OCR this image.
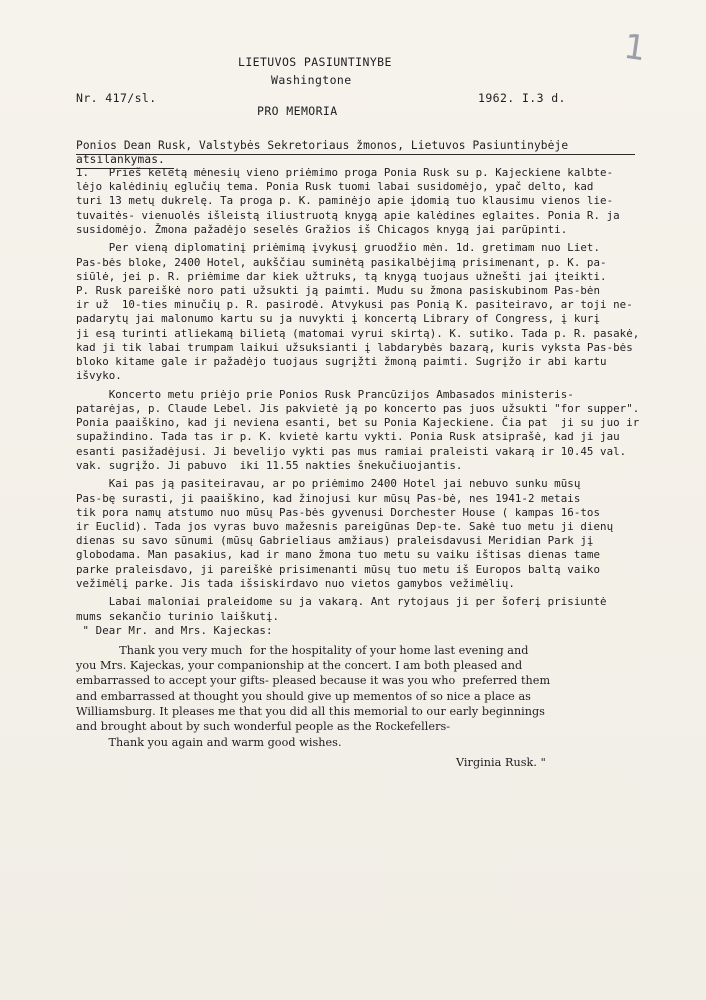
1
LIETUVOS PASIUNTINYBE
Washingtone
Nr. 417/sl.
PRO MEMORIA
1962. I.3 d.
Ponios Dean Rusk, Valstybės Sekretoriaus žmonos, Lietuvos Pasiuntinybėje
atsilankymas.
1.   Prieš keletą mėnesių vieno priėmimo proga Ponia Rusk su p. Kajeckiene kalbte-
lėjo kalėdinių eglučių tema. Ponia Rusk tuomi labai susidomėjo, ypač delto, kad
turi 13 metų dukrelę. Ta proga p. K. paminėjo apie įdomią tuo klausimu vienos lie-
tuvaitės- vienuolės išleistą iliustruotą knygą apie kalėdines eglaites. Ponia R. ja
susidomėjo. Žmona pažadėjo seselės Gražios iš Chicagos knygą jai parūpinti.
Per vieną diplomatinį priėmimą įvykusį gruodžio mėn. 1d. gretimam nuo Liet.
Pas-bės bloke, 2400 Hotel, aukščiau suminėtą pasikalbėjimą prisimenant, p. K. pa-
siūlė, jei p. R. priėmime dar kiek užtruks, tą knygą tuojaus užnešti jai įteikti.
P. Rusk pareiškė noro pati užsukti ją paimti. Mudu su žmona pasiskubinom Pas-bėn
ir už  10-ties minučių p. R. pasirodė. Atvykusi pas Ponią K. pasiteiravo, ar toji ne-
padarytų jai malonumo kartu su ja nuvykti į koncertą Library of Congress, į kurį
ji esą turinti atliekamą bilietą (matomai vyrui skirtą). K. sutiko. Tada p. R. pasakė,
kad ji tik labai trumpam laikui užsuksianti į labdarybės bazarą, kuris vyksta Pas-bės
bloko kitame gale ir pažadėjo tuojaus sugrįžti žmoną paimti. Sugrįžo ir abi kartu
išvyko.
Koncerto metu priėjo prie Ponios Rusk Prancūzijos Ambasados ministeris-
patarėjas, p. Claude Lebel. Jis pakvietė ją po koncerto pas juos užsukti "for supper".
Ponia paaiškino, kad ji neviena esanti, bet su Ponia Kajeckiene. Čia pat  ji su juo ir
supažindino. Tada tas ir p. K. kvietė kartu vykti. Ponia Rusk atsiprašė, kad ji jau
esanti pasižadėjusi. Ji bevelijo vykti pas mus ramiai praleisti vakarą ir 10.45 val.
vak. sugrįžo. Ji pabuvo  iki 11.55 nakties šnekučiuojantis.
Kai pas ją pasiteiravau, ar po priėmimo 2400 Hotel jai nebuvo sunku mūsų
Pas-bę surasti, ji paaiškino, kad žinojusi kur mūsų Pas-bė, nes 1941-2 metais
tik pora namų atstumo nuo mūsų Pas-bės gyvenusi Dorchester House ( kampas 16-tos
ir Euclid). Tada jos vyras buvo mažesnis pareigūnas Dep-te. Sakė tuo metu ji dienų
dienas su savo sūnumi (mūsų Gabrieliaus amžiaus) praleisdavusi Meridian Park jį
globodama. Man pasakius, kad ir mano žmona tuo metu su vaiku ištisas dienas tame
parke praleisdavo, ji pareiškė prisimenanti mūsų tuo metu iš Europos baltą vaiko
vežimėlį parke. Jis tada išsiskirdavo nuo vietos gamybos vežimėlių.
Labai maloniai praleidome su ja vakarą. Ant rytojaus ji per šoferį prisiuntė
mums sekančio turinio laiškutį.
" Dear Mr. and Mrs. Kajeckas:
Thank you very much  for the hospitality of your home last evening and
you Mrs. Kajeckas, your companionship at the concert. I am both pleased and
embarrassed to accept your gifts- pleased because it was you who  preferred them
and embarrassed at thought you should give up mementos of so nice a place as
Williamsburg. It pleases me that you did all this memorial to our early beginnings
and brought about by such wonderful people as the Rockefellers-
Thank you again and warm good wishes.
Virginia Rusk. "
